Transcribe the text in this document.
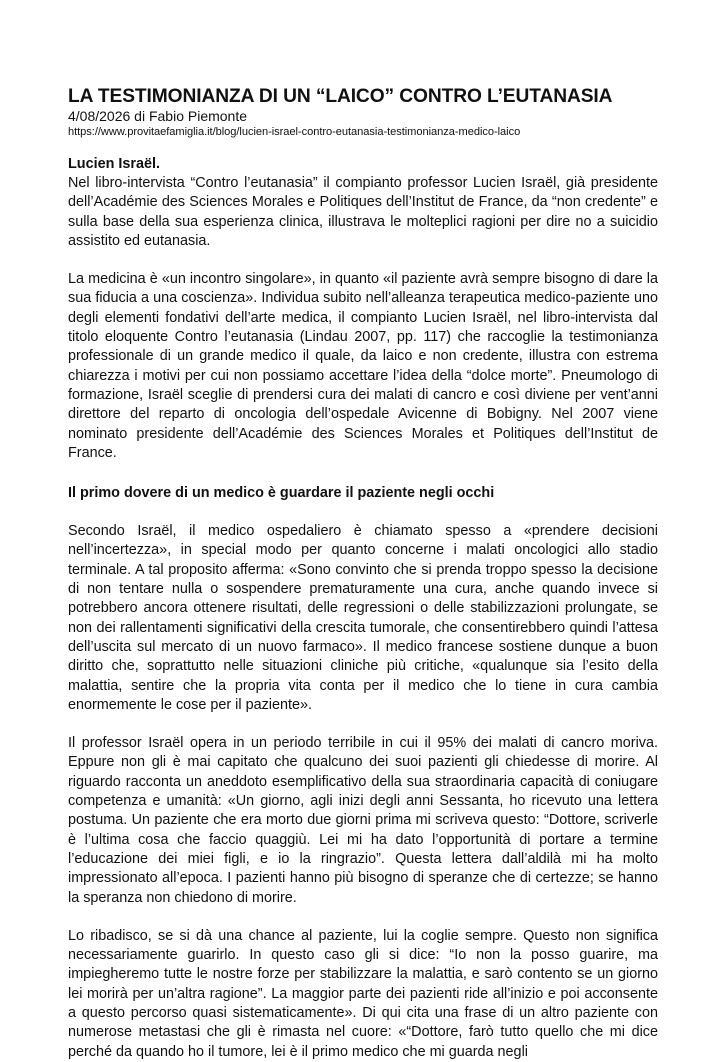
LA TESTIMONIANZA DI UN “LAICO” CONTRO L’EUTANASIA
4/08/2026 di Fabio Piemonte
https://www.provitaefamiglia.it/blog/lucien-israel-contro-eutanasia-testimonianza-medico-laico
Lucien Israël.

Nel libro-intervista “Contro l’eutanasia” il compianto professor Lucien Israël, già presidente dell’Académie des Sciences Morales e Politiques dell’Institut de France, da “non credente” e sulla base della sua esperienza clinica, illustrava le molteplici ragioni per dire no a suicidio assistito ed eutanasia.

La medicina è «un incontro singolare», in quanto «il paziente avrà sempre bisogno di dare la sua fiducia a una coscienza». Individua subito nell’alleanza terapeutica medico-paziente uno degli elementi fondativi dell’arte medica, il compianto Lucien Israël, nel libro-intervista dal titolo eloquente Contro l’eutanasia (Lindau 2007, pp. 117) che raccoglie la testimonianza professionale di un grande medico il quale, da laico e non credente, illustra con estrema chiarezza i motivi per cui non possiamo accettare l’idea della “dolce morte”. Pneumologo di formazione, Israël sceglie di prendersi cura dei malati di cancro e così diviene per vent’anni direttore del reparto di oncologia dell’ospedale Avicenne di Bobigny. Nel 2007 viene nominato presidente dell’Académie des Sciences Morales et Politiques dell’Institut de France.

Il primo dovere di un medico è guardare il paziente negli occhi

Secondo Israël, il medico ospedaliero è chiamato spesso a «prendere decisioni nell’incertezza», in special modo per quanto concerne i malati oncologici allo stadio terminale. A tal proposito afferma: «Sono convinto che si prenda troppo spesso la decisione di non tentare nulla o sospendere prematuramente una cura, anche quando invece si potrebbero ancora ottenere risultati, delle regressioni o delle stabilizzazioni prolungate, se non dei rallentamenti significativi della crescita tumorale, che consentirebbero quindi l’attesa dell’uscita sul mercato di un nuovo farmaco». Il medico francese sostiene dunque a buon diritto che, soprattutto nelle situazioni cliniche più critiche, «qualunque sia l’esito della malattia, sentire che la propria vita conta per il medico che lo tiene in cura cambia enormemente le cose per il paziente».

Il professor Israël opera in un periodo terribile in cui il 95% dei malati di cancro moriva. Eppure non gli è mai capitato che qualcuno dei suoi pazienti gli chiedesse di morire. Al riguardo racconta un aneddoto esemplificativo della sua straordinaria capacità di coniugare competenza e umanità: «Un giorno, agli inizi degli anni Sessanta, ho ricevuto una lettera postuma. Un paziente che era morto due giorni prima mi scriveva questo: “Dottore, scriverle è l’ultima cosa che faccio quaggiù. Lei mi ha dato l’opportunità di portare a termine l’educazione dei miei figli, e io la ringrazio”. Questa lettera dall’aldilà mi ha molto impressionato all’epoca. I pazienti hanno più bisogno di speranze che di certezze; se hanno la speranza non chiedono di morire.

Lo ribadisco, se si dà una chance al paziente, lui la coglie sempre. Questo non significa necessariamente guarirlo. In questo caso gli si dice: “Io non la posso guarire, ma impiegheremo tutte le nostre forze per stabilizzare la malattia, e sarò contento se un giorno lei morirà per un’altra ragione”. La maggior parte dei pazienti ride all’inizio e poi acconsente a questo percorso quasi sistematicamente». Di qui cita una frase di un altro paziente con numerose metastasi che gli è rimasta nel cuore: «“Dottore, farò tutto quello che mi dice perché da quando ho il tumore, lei è il primo medico che mi guarda negli
